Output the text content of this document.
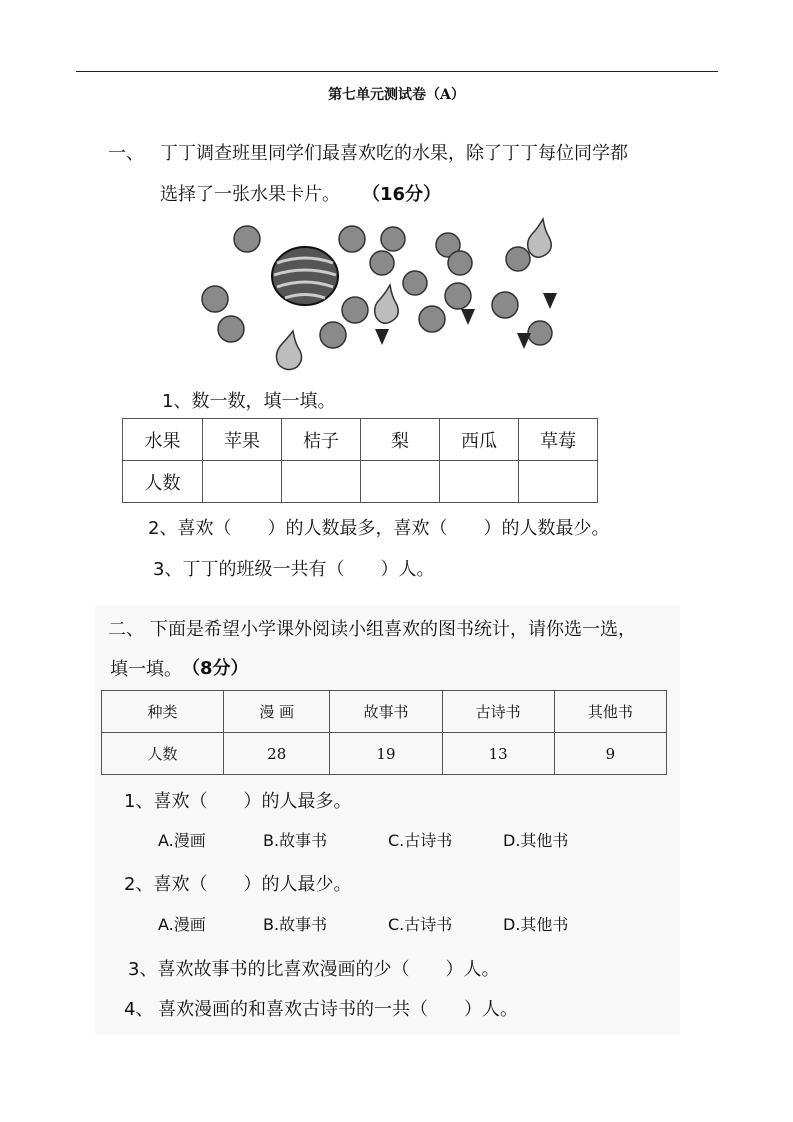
第七单元测试卷（A）
一、 丁丁调查班里同学们最喜欢吃的水果，除了丁丁每位同学都
选择了一张水果卡片。 （16分）
1、数一数，填一填。
水果	苹果	桔子	梨	西瓜	草莓
人数					
2、喜欢（　　）的人数最多，喜欢（　　）的人数最少。
3、丁丁的班级一共有（　　）人。
二、 下面是希望小学课外阅读小组喜欢的图书统计，请你选一选，
填一填。 （8分）
种类	漫 画	故事书	古诗书	其他书
人数	28	19	13	9
1、喜欢（　　）的人最多。
A.漫画	B.故事书	C.古诗书	D.其他书
2、喜欢（　　）的人最少。
A.漫画	B.故事书	C.古诗书	D.其他书
3、喜欢故事书的比喜欢漫画的少（　　）人。
4、 喜欢漫画的和喜欢古诗书的一共（　　）人。
